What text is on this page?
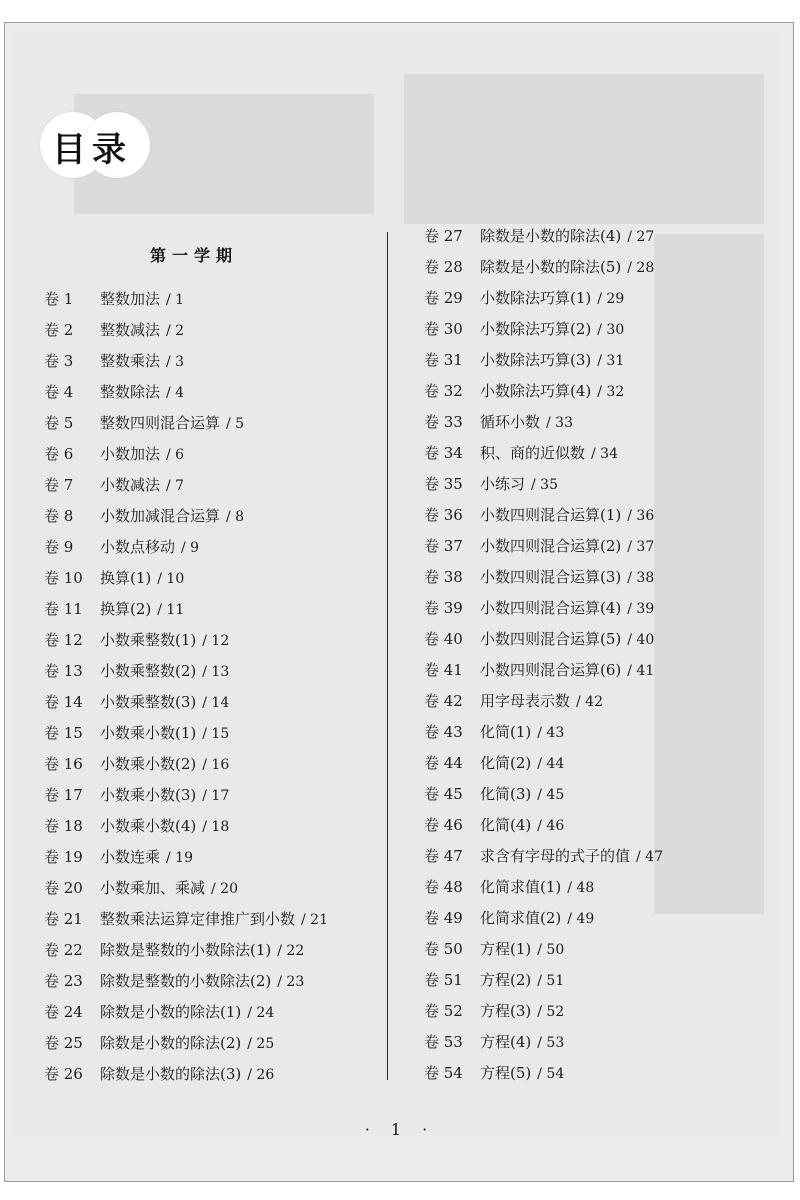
目录
第一学期
卷 1 整数加法 / 1
卷 2 整数减法 / 2
卷 3 整数乘法 / 3
卷 4 整数除法 / 4
卷 5 整数四则混合运算 / 5
卷 6 小数加法 / 6
卷 7 小数减法 / 7
卷 8 小数加减混合运算 / 8
卷 9 小数点移动 / 9
卷 10 换算(1) / 10
卷 11 换算(2) / 11
卷 12 小数乘整数(1) / 12
卷 13 小数乘整数(2) / 13
卷 14 小数乘整数(3) / 14
卷 15 小数乘小数(1) / 15
卷 16 小数乘小数(2) / 16
卷 17 小数乘小数(3) / 17
卷 18 小数乘小数(4) / 18
卷 19 小数连乘 / 19
卷 20 小数乘加、乘减 / 20
卷 21 整数乘法运算定律推广到小数 / 21
卷 22 除数是整数的小数除法(1) / 22
卷 23 除数是整数的小数除法(2) / 23
卷 24 除数是小数的除法(1) / 24
卷 25 除数是小数的除法(2) / 25
卷 26 除数是小数的除法(3) / 26
卷 27 除数是小数的除法(4) / 27
卷 28 除数是小数的除法(5) / 28
卷 29 小数除法巧算(1) / 29
卷 30 小数除法巧算(2) / 30
卷 31 小数除法巧算(3) / 31
卷 32 小数除法巧算(4) / 32
卷 33 循环小数 / 33
卷 34 积、商的近似数 / 34
卷 35 小练习 / 35
卷 36 小数四则混合运算(1) / 36
卷 37 小数四则混合运算(2) / 37
卷 38 小数四则混合运算(3) / 38
卷 39 小数四则混合运算(4) / 39
卷 40 小数四则混合运算(5) / 40
卷 41 小数四则混合运算(6) / 41
卷 42 用字母表示数 / 42
卷 43 化简(1) / 43
卷 44 化简(2) / 44
卷 45 化简(3) / 45
卷 46 化简(4) / 46
卷 47 求含有字母的式子的值 / 47
卷 48 化简求值(1) / 48
卷 49 化简求值(2) / 49
卷 50 方程(1) / 50
卷 51 方程(2) / 51
卷 52 方程(3) / 52
卷 53 方程(4) / 53
卷 54 方程(5) / 54
· 1 ·
